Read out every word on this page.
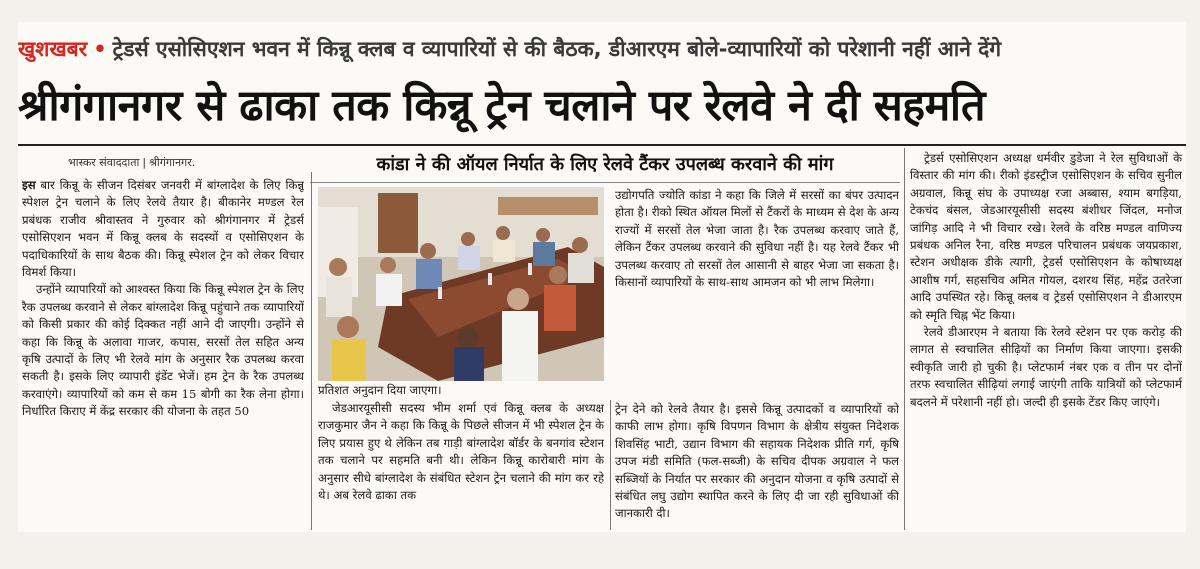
खुशखबर • ट्रेडर्स एसोसिएशन भवन में किन्नू क्लब व व्यापारियों से की बैठक, डीआरएम बोले-व्यापारियों को परेशानी नहीं आने देंगे
श्रीगंगानगर से ढाका तक किन्नू ट्रेन चलाने पर रेलवे ने दी सहमति
भास्कर संवाददाता | श्रीगंगानगर.	कांडा ने की ऑयल निर्यात के लिए रेलवे टैंकर उपलब्ध करवाने की मांग

इस बार किन्नू के सीजन दिसंबर जनवरी में बांग्लादेश के लिए किन्नू स्पेशल ट्रेन चलाने के लिए रेलवे तैयार है। बीकानेर मण्डल रेल प्रबंधक राजीव श्रीवास्तव ने गुरुवार को श्रीगंगानगर में ट्रेडर्स एसोसिएशन भवन में किन्नू क्लब के सदस्यों व एसोसिएशन के पदाधिकारियों के साथ बैठक की। किन्नू स्पेशल ट्रेन को लेकर विचार विमर्श किया।

उन्होंने व्यापारियों को आश्वस्त किया कि किन्नू स्पेशल ट्रेन के लिए रैक उपलब्ध करवाने से लेकर बांग्लादेश किन्नू पहुंचाने तक व्यापारियों को किसी प्रकार की कोई दिक्कत नहीं आने दी जाएगी। उन्होंने से कहा कि किन्नू के अलावा गाजर, कपास, सरसों तेल सहित अन्य कृषि उत्पादों के लिए भी रेलवे मांग के अनुसार रैक उपलब्ध करवा सकती है। इसके लिए व्यापारी इंडेंट भेजें। हम ट्रेन के रैक उपलब्ध करवाएंगे। व्यापारियों को कम से कम 15 बोगी का रैक लेना होगा। निर्धारित किराए में केंद्र सरकार की योजना के तहत 50

प्रतिशत अनुदान दिया जाएगा।

जेडआरयूसीसी सदस्य भीम शर्मा एवं किन्नू क्लब के अध्यक्ष राजकुमार जैन ने कहा कि किन्नू के पिछले सीजन में भी स्पेशल ट्रेन के लिए प्रयास हुए थे लेकिन तब गाड़ी बांग्लादेश बॉर्डर के बनगांव स्टेशन तक चलाने पर सहमति बनी थी। लेकिन किन्नू कारोबारी मांग के अनुसार सीधे बांग्लादेश के संबंधित स्टेशन ट्रेन चलाने की मांग कर रहे थे। अब रेलवे ढाका तक

उद्योगपति ज्योति कांडा ने कहा कि जिले में सरसों का बंपर उत्पादन होता है। रीको स्थित ऑयल मिलों से टैंकरों के माध्यम से देश के अन्य राज्यों में सरसों तेल भेजा जाता है। रैक उपलब्ध करवाए जाते हैं, लेकिन टैंकर उपलब्ध करवाने की सुविधा नहीं है। यह रेलवे टैंकर भी उपलब्ध करवाए तो सरसों तेल आसानी से बाहर भेजा जा सकता है। किसानों व्यापारियों के साथ-साथ आमजन को भी लाभ मिलेगा।

ट्रेन देने को रेलवे तैयार है। इससे किन्नू उत्पादकों व व्यापारियों को काफी लाभ होगा। कृषि विपणन विभाग के क्षेत्रीय संयुक्त निदेशक शिवसिंह भाटी, उद्यान विभाग की सहायक निदेशक प्रीति गर्ग, कृषि उपज मंडी समिति (फल-सब्जी) के सचिव दीपक अग्रवाल ने फल सब्जियों के निर्यात पर सरकार की अनुदान योजना व कृषि उत्पादों से संबंधित लघु उद्योग स्थापित करने के लिए दी जा रही सुविधाओं की जानकारी दी।

ट्रेडर्स एसोसिएशन अध्यक्ष धर्मवीर डुडेजा ने रेल सुविधाओं के विस्तार की मांग की। रीको इंडस्ट्रीज एसोसिएशन के सचिव सुनील अग्रवाल, किन्नू संघ के उपाध्यक्ष रजा अब्बास, श्याम बगड़िया, टेकचंद बंसल, जेडआरयूसीसी सदस्य बंशीधर जिंदल, मनोज जांगिड़ आदि ने भी विचार रखे। रेलवे के वरिष्ठ मण्डल वाणिज्य प्रबंधक अनिल रैना, वरिष्ठ मण्डल परिचालन प्रबंधक जयप्रकाश, स्टेशन अधीक्षक डीके त्यागी, ट्रेडर्स एसोसिएशन के कोषाध्यक्ष आशीष गर्ग, सहसचिव अमित गोयल, दशरथ सिंह, महेंद्र उतरेजा आदि उपस्थित रहे। किन्नू क्लब व ट्रेडर्स एसोसिएशन ने डीआरएम को स्मृति चिह्न भेंट किया।

रेलवे डीआरएम ने बताया कि रेलवे स्टेशन पर एक करोड़ की लागत से स्वचालित सीढ़ियों का निर्माण किया जाएगा। इसकी स्वीकृति जारी हो चुकी है। प्लेटफार्म नंबर एक व तीन पर दोनों तरफ स्वचालित सीढ़ियां लगाई जाएंगी ताकि यात्रियों को प्लेटफार्म बदलने में परेशानी नहीं हो। जल्दी ही इसके टेंडर किए जाएंगे।
